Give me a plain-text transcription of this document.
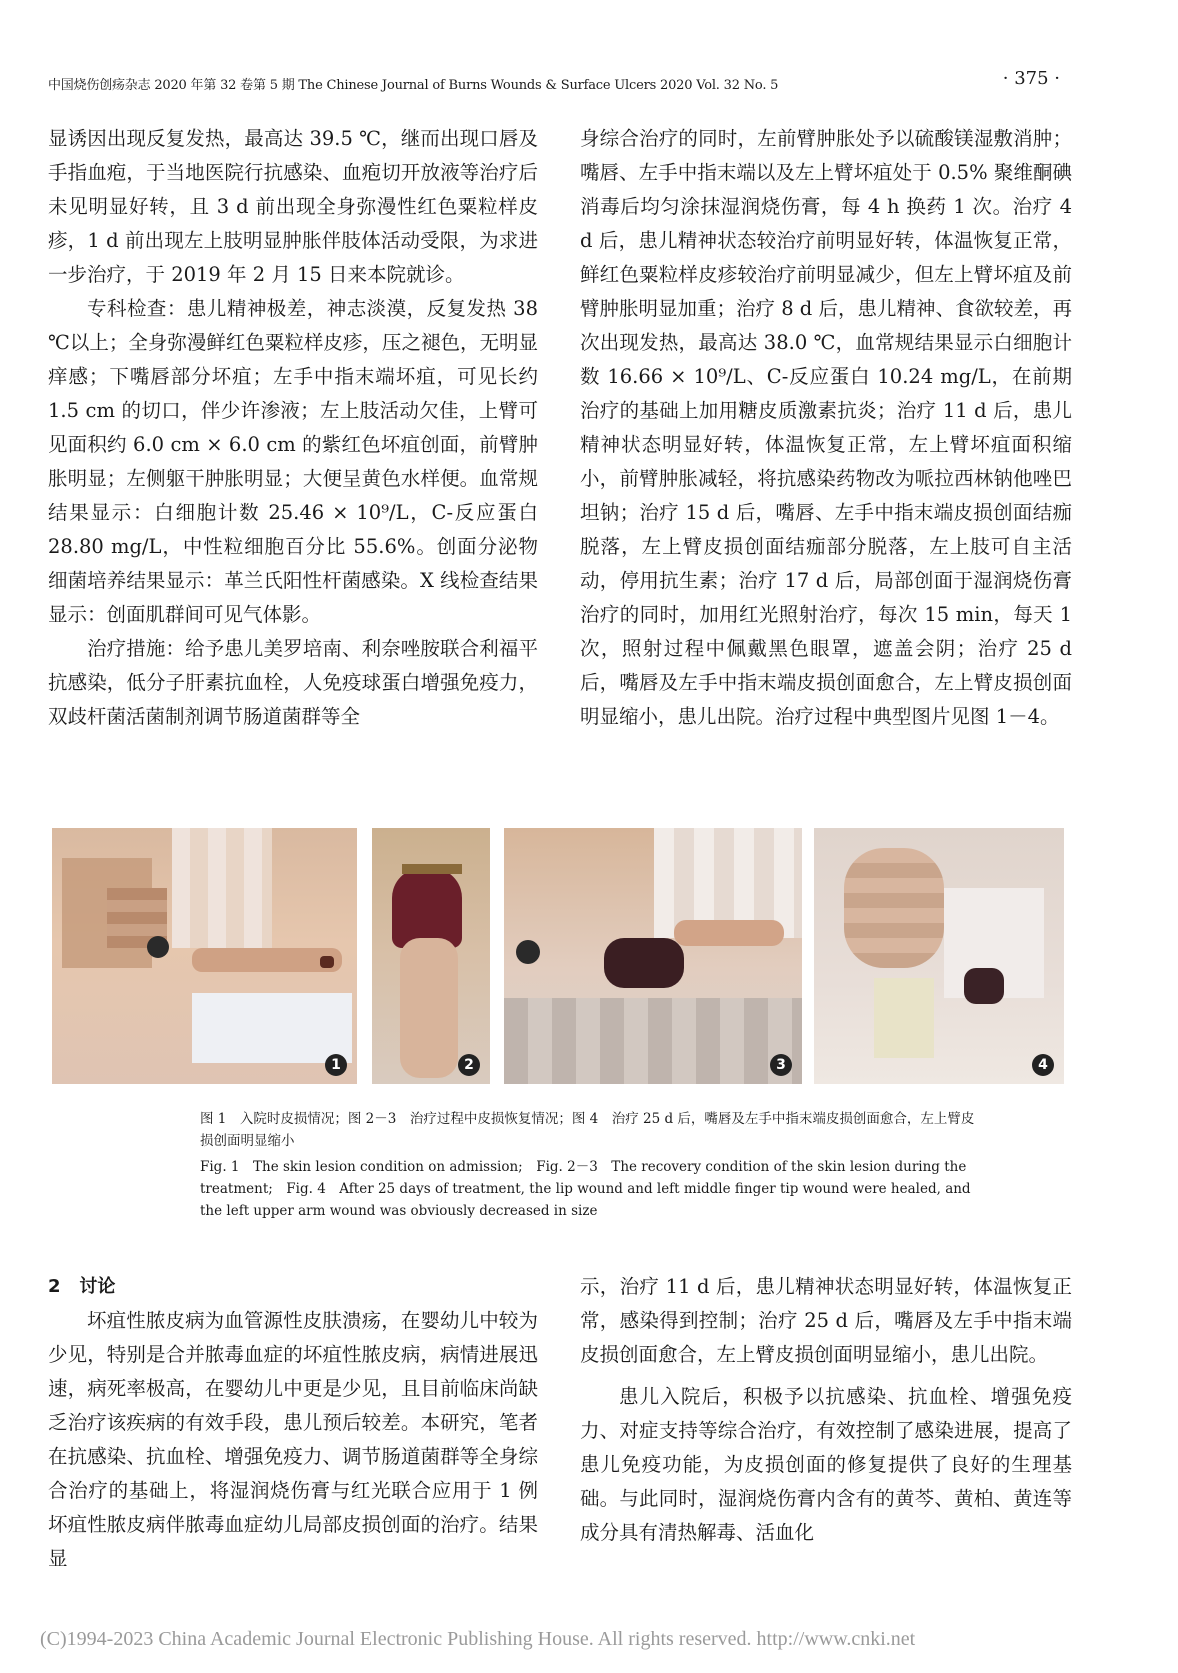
中国烧伤创疡杂志 2020 年第 32 卷第 5 期 The Chinese Journal of Burns Wounds & Surface Ulcers 2020 Vol. 32 No. 5	· 375 ·

显诱因出现反复发热，最高达 39.5 ℃，继而出现口唇及手指血疱，于当地医院行抗感染、血疱切开放液等治疗后未见明显好转，且 3 d 前出现全身弥漫性红色粟粒样皮疹，1 d 前出现左上肢明显肿胀伴肢体活动受限，为求进一步治疗，于 2019 年 2 月 15 日来本院就诊。

专科检查：患儿精神极差，神志淡漠，反复发热 38 ℃以上；全身弥漫鲜红色粟粒样皮疹，压之褪色，无明显痒感；下嘴唇部分坏疽；左手中指末端坏疽，可见长约 1.5 cm 的切口，伴少许渗液；左上肢活动欠佳，上臂可见面积约 6.0 cm × 6.0 cm 的紫红色坏疽创面，前臂肿胀明显；左侧躯干肿胀明显；大便呈黄色水样便。血常规结果显示：白细胞计数 25.46 × 10⁹/L，C-反应蛋白 28.80 mg/L，中性粒细胞百分比 55.6%。创面分泌物细菌培养结果显示：革兰氏阳性杆菌感染。X 线检查结果显示：创面肌群间可见气体影。

治疗措施：给予患儿美罗培南、利奈唑胺联合利福平抗感染，低分子肝素抗血栓，人免疫球蛋白增强免疫力，双歧杆菌活菌制剂调节肠道菌群等全

身综合治疗的同时，左前臂肿胀处予以硫酸镁湿敷消肿；嘴唇、左手中指末端以及左上臂坏疽处于 0.5% 聚维酮碘消毒后均匀涂抹湿润烧伤膏，每 4 h 换药 1 次。治疗 4 d 后，患儿精神状态较治疗前明显好转，体温恢复正常，鲜红色粟粒样皮疹较治疗前明显减少，但左上臂坏疽及前臂肿胀明显加重；治疗 8 d 后，患儿精神、食欲较差，再次出现发热，最高达 38.0 ℃，血常规结果显示白细胞计数 16.66 × 10⁹/L、C-反应蛋白 10.24 mg/L，在前期治疗的基础上加用糖皮质激素抗炎；治疗 11 d 后，患儿精神状态明显好转，体温恢复正常，左上臂坏疽面积缩小，前臂肿胀减轻，将抗感染药物改为哌拉西林钠他唑巴坦钠；治疗 15 d 后，嘴唇、左手中指末端皮损创面结痂脱落，左上臂皮损创面结痂部分脱落，左上肢可自主活动，停用抗生素；治疗 17 d 后，局部创面于湿润烧伤膏治疗的同时，加用红光照射治疗，每次 15 min，每天 1 次，照射过程中佩戴黑色眼罩，遮盖会阴；治疗 25 d 后，嘴唇及左手中指末端皮损创面愈合，左上臂皮损创面明显缩小，患儿出院。治疗过程中典型图片见图 1－4。

1	2	3	4

图 1　入院时皮损情况；图 2－3　治疗过程中皮损恢复情况；图 4　治疗 25 d 后，嘴唇及左手中指末端皮损创面愈合，左上臂皮损创面明显缩小

Fig. 1　The skin lesion condition on admission;　Fig. 2－3　The recovery condition of the skin lesion during the treatment;　Fig. 4　After 25 days of treatment, the lip wound and left middle finger tip wound were healed, and the left upper arm wound was obviously decreased in size

2 讨论

坏疽性脓皮病为血管源性皮肤溃疡，在婴幼儿中较为少见，特别是合并脓毒血症的坏疽性脓皮病，病情进展迅速，病死率极高，在婴幼儿中更是少见，且目前临床尚缺乏治疗该疾病的有效手段，患儿预后较差。本研究，笔者在抗感染、抗血栓、增强免疫力、调节肠道菌群等全身综合治疗的基础上，将湿润烧伤膏与红光联合应用于 1 例坏疽性脓皮病伴脓毒血症幼儿局部皮损创面的治疗。结果显

示，治疗 11 d 后，患儿精神状态明显好转，体温恢复正常，感染得到控制；治疗 25 d 后，嘴唇及左手中指末端皮损创面愈合，左上臂皮损创面明显缩小，患儿出院。

患儿入院后，积极予以抗感染、抗血栓、增强免疫力、对症支持等综合治疗，有效控制了感染进展，提高了患儿免疫功能，为皮损创面的修复提供了良好的生理基础。与此同时，湿润烧伤膏内含有的黄芩、黄柏、黄连等成分具有清热解毒、活血化

(C)1994-2023 China Academic Journal Electronic Publishing House. All rights reserved. http://www.cnki.net
